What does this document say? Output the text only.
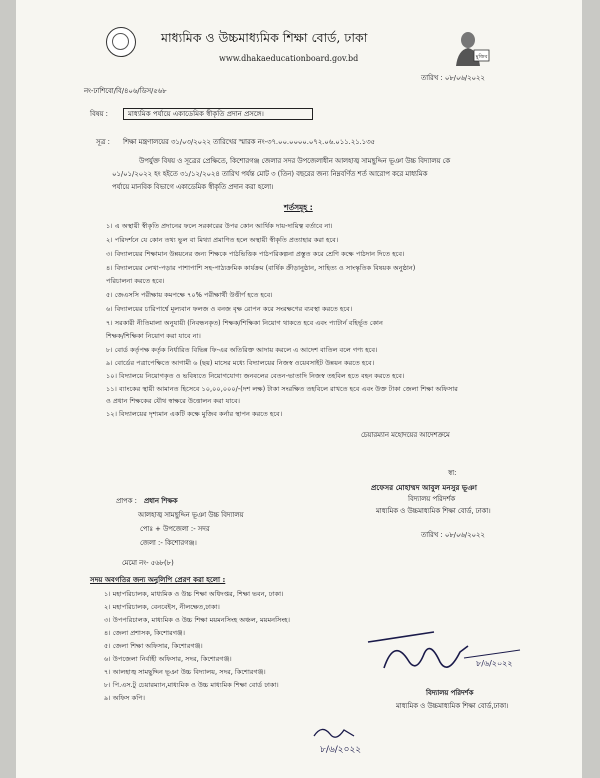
মাধ্যমিক ও উচ্চমাধ্যমিক শিক্ষা বোর্ড, ঢাকা
www.dhakaeducationboard.gov.bd	মুজিব
নং-ঢাশিবো/বি/৪০৬/ডিস/৫৬৮
তারিখ : ০৮/০৬/২০২২
বিষয় :	মাধ্যমিক পর্যায়ে একাডেমিক স্বীকৃতি প্রদান প্রসঙ্গে।
সূত্র : শিক্ষা মন্ত্রণালয়ের ৩১/০৩/২০২২ তারিখের স্মারক নং-৩৭.০০.০০০০.০৭২.০৬.০১১.২১.১৩৫
উপর্যুক্ত বিষয় ও সূত্রের প্রেক্ষিতে, কিশোরগঞ্জ জেলার সদর উপজেলাধীন আলহাজ্ব সামছুদ্দিন ভূঞা উচ্চ বিদ্যালয় কে
০১/০১/২০২২ হং হইতে ৩১/১২/২০২৪ তারিখ পর্যন্ত মোট ৩ (তিন) বছরের জন্য নিম্নবর্ণিত শর্ত আরোপ করে মাধ্যমিক
পর্যায়ে মানবিক বিভাগে একাডেমিক স্বীকৃতি প্রদান করা হলো।
শর্তসমূহ :
১। এ অস্থায়ী স্বীকৃতি প্রদানের ফলে সরকারের উপর কোন আর্থিক দায়-দায়িত্ব বর্তাবে না।
২। পরিদর্শনে যে কোন তথ্য ভুল বা মিথ্যা প্রমাণিত হলে অস্থায়ী স্বীকৃতি প্রত্যাহার করা হবে।
৩। বিদ্যালয়ের শিক্ষামান উন্নয়নের জন্য শিক্ষকে পাঠভিত্তিক পাঠপরিকল্পনা প্রস্তুত করে শ্রেণি কক্ষে পাঠদান দিতে হবে।
৪। বিদ্যালয়ের লেখা-পড়ার পাশাপাশি সহ-পাঠ্যক্রমিক কার্যক্রম (বার্ষিক ক্রীড়ানুষ্ঠান, সাহিত্য ও সাংস্কৃতিক বিষয়ক অনুষ্ঠান)
পরিচালনা করতে হবে।
৫। জেএসসি পরীক্ষায় কমপক্ষে ৭০% পরীক্ষার্থী উত্তীর্ণ হতে হবে।
৬। বিদ্যালয়ের চারিপার্শ্বে মূল্যবান ফলজ ও বনজ বৃক্ষ রোপন করে সংরক্ষণের ব্যবস্থা করতে হবে।
৭। সরকারী নীতিমালা অনুযায়ী (নিবন্ধনকৃত) শিক্ষক/শিক্ষিকা নিয়োগ থাকতে হবে এবং প্যাটার্ন বহির্ভূত কোন
শিক্ষক/শিক্ষিকা নিয়োগ করা যাবে না।
৮। বোর্ড কর্তৃপক্ষ কর্তৃক নির্ধারিত বিভিন্ন ফি-এর অতিরিক্ত আদায় করলে এ আদেশ বাতিল বলে গণ্য হবে।
৯। বোর্ডের পত্রাপেক্ষিতে আগামী ৬ (ছয়) মাসের মধ্যে বিদ্যালয়ের নিজস্ব ওয়েবসাইট উন্নয়ন করতে হবে।
১০। বিদ্যালয়ে নিয়োগকৃত ও ভবিষ্যতে নিয়োগযোগ্য জনবলের বেতন-ভাতাদি নিজস্ব তহবিল হতে বহন করতে হবে।
১১। ব্যাংকের স্থায়ী আমানত হিসেবে ১০,০০,০০০/-(দশ লক্ষ) টাকা সংরক্ষিত তহবিলে রাখতে হবে এবং উক্ত টাকা জেলা শিক্ষা অফিসার
ও প্রধান শিক্ষকের যৌথ স্বাক্ষরে উত্তোলন করা যাবে।
১২। বিদ্যালয়ের দৃশ্যমান একটি কক্ষে মুজিব কর্নার স্থাপন করতে হবে।
চেয়ারম্যান মহোদয়ের আদেশক্রমে
স্বা:
প্রফেসর মোহাম্মদ আবুল মনসুর ভূঞা
বিদ্যালয় পরিদর্শক
মাধ্যমিক ও উচ্চমাধ্যমিক শিক্ষা বোর্ড, ঢাকা।
প্রাপক : প্রধান শিক্ষক
আলহাজ্ব সামছুদ্দিন ভূঞা উচ্চ বিদ্যালয়
পোঃ + উপজেলা :- সদর
জেলা :- কিশোরগঞ্জ।
মেমো নং- ৫৬৮(৮)
তারিখ : ০৮/০৬/২০২২
সদয় অবগতির জন্য অনুলিপি প্রেরণ করা হলো :
১। মহাপরিচালক, মাধ্যমিক ও উচ্চ শিক্ষা অধিদপ্তর, শিক্ষা ভবন, ঢাকা।
২। মহাপরিচালক, বেনবেইস, নীলক্ষেত,ঢাকা।
৩। উপপরিচালক, মাধ্যমিক ও উচ্চ শিক্ষা ময়মনসিংহ অঞ্চল, ময়মনসিংহ।
৪। জেলা প্রশাসক, কিশোরগঞ্জ।
৫। জেলা শিক্ষা অফিসার, কিশোরগঞ্জ।
৬। উপজেলা নির্বাহী অফিসার, সদর, কিশোরগঞ্জ।
৭। আলহাজ্ব সামছুদ্দিন ভূঞা উচ্চ বিদ্যালয়, সদর, কিশোরগঞ্জ।
৮। পি.এস.টু চেয়ারম্যান,মাধ্যমিক ও উচ্চ মাধ্যমিক শিক্ষা বোর্ড ঢাকা।
৯। অফিস কপি।
৮/৬/২০২২
বিদ্যালয় পরিদর্শক
মাধ্যমিক ও উচ্চমাধ্যমিক শিক্ষা বোর্ড,ঢাকা।
৮/৬/২০২২
